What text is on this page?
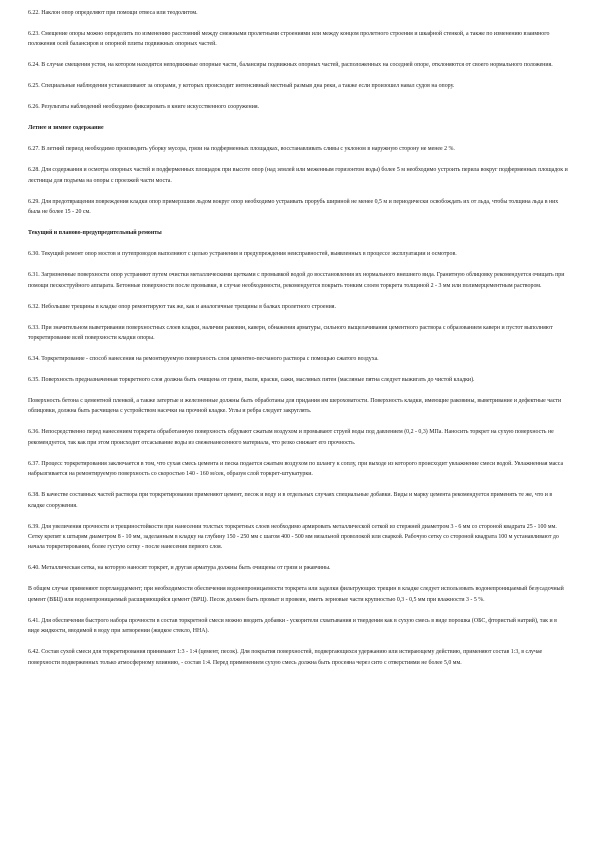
6.22. Наклон опор определяют при помощи отвеса или теодолитом.

6.23. Смещение опоры можно определить по изменению расстояний между смежными пролетными строениями или между концом пролетного строения и шкафной стенкой, а также по изменению взаимного положения осей балансиров и опорной плиты подвижных опорных частей.

6.24. В случае смещения устоя, на котором находятся неподвижные опорные части, балансиры подвижных опорных частей, расположенных на соседней опоре, отклоняются от своего нормального положения.

6.25. Специальные наблюдения устанавливают за опорами, у которых происходит интенсивный местный размыв дна реки, а также если произошел навал судов на опору.

6.26. Результаты наблюдений необходимо фиксировать в книге искусственного сооружения.

Летнее и зимнее содержание

6.27. В летний период необходимо производить уборку мусора, грязи на подферменных площадках, восстанавливать сливы с уклоном в наружную сторону не менее 2 %.

6.28. Для содержания и осмотра опорных частей и подферменных площадок при высоте опор (над землей или меженным горизонтом воды) более 5 м необходимо устроить перила вокруг подферменных площадок и лестницы для подъема на опоры с проезжей части моста.

6.29. Для предотвращения повреждения кладки опор примерзшим льдом вокруг опор необходимо устраивать прорубь шириной не менее 0,5 м и периодически освобождать их от льда, чтобы толщина льда в них была не более 15 - 20 см.

Текущий и планово-предупредительный ремонты

6.30. Текущий ремонт опор мостов и путепроводов выполняют с целью устранения и предупреждения неисправностей, выявленных в процессе эксплуатации и осмотров.

6.31. Загрязненные поверхности опор устраняют путем очистки металлическими щетками с промывкой водой до восстановления их нормального внешнего вида. Гранитную облицовку рекомендуется очищать при помощи пескоструйного аппарата. Бетонные поверхности после промывки, в случае необходимости, рекомендуется покрыть тонким слоем торкрета толщиной 2 - 3 мм или полимерцементным раствором.

6.32. Небольшие трещины в кладке опор ремонтируют так же, как и аналогичные трещины в балках пролетного строения.

6.33. При значительном выветривании поверхностных слоев кладки, наличии раковин, каверн, обнажения арматуры, сильного выщелачивания цементного раствора с образованием каверн и пустот выполняют торкретирование всей поверхности кладки опоры.

6.34. Торкретирование - способ нанесения на ремонтируемую поверхность слоя цементно-песчаного раствора с помощью сжатого воздуха.

6.35. Поверхность предназначенная торкретного слоя должна быть очищена от грязи, пыли, краски, сажи, масляных пятен (масляные пятна следует выжигать до чистой кладки).

Поверхность бетона с цементной пленкой, а также затертые и железненные должны быть обработаны для придания им шероховатости. Поверхность кладки, имеющие раковины, выветривание и дефектные части облицовки, должна быть расчищена с устройством насечки на прочной кладке. Углы и ребра следует закруглять.

6.36. Непосредственно перед нанесением торкрета обработанную поверхность обдувают сжатым воздухом и промывают струей воды под давлением (0,2 - 0,3) МПа. Наносить торкрет на сухую поверхность не рекомендуется, так как при этом происходит отсасывание воды из свеженанесенного материала, что резко снижает его прочность.

6.37. Процесс торкретирования заключается в том, что сухая смесь цемента и песка подается сжатым воздухом по шлангу к соплу, при выходе из которого происходит увлажнение смеси водой. Увлажненная масса набрызгивается на ремонтируемую поверхность со скоростью 140 - 160 м/сек, образуя слой торкрет-штукатурки.

6.38. В качестве составных частей раствора при торкретировании применяют цемент, песок и воду и в отдельных случаях специальные добавки. Виды и марку цемента рекомендуется применять те же, что и в кладке сооружения.

6.39. Для увеличения прочности и трещиностойкости при нанесении толстых торкретных слоев необходимо армировать металлической сеткой из стержней диаметром 3 - 6 мм со стороной квадрата 25 - 100 мм. Сетку крепят к штырям диаметром 8 - 10 мм, заделанным в кладку на глубину 150 - 250 мм с шагом 400 - 500 мм вязальной проволокой или сваркой. Рабочую сетку со стороной квадрата 100 м устанавливают до начала торкретирования, более густую сетку - после нанесения первого слоя.

6.40. Металлическая сетка, на которую наносят торкрет, и другая арматура должны быть очищены от грязи и ржавчины.

В общем случае применяют портландцемент; при необходимости обеспечения водонепроницаемости торкрета или заделки фильтрующих трещин в кладке следует использовать водонепроницаемый безусадочный цемент (ВБЦ) или водонепроницаемый расширяющийся цемент (ВРЦ). Песок должен быть промыт и провеян, иметь зерновые части крупностью 0,3 - 0,5 мм при влажности 3 - 5 %.

6.41. Для обеспечения быстрого набора прочности в состав торкретной смеси можно вводить добавки - ускорители схватывания и твердения как в сухую смесь в виде порошка (ОБС, фтористый натрий), так и в виде жидкости, вводимой в воду при затворении (жидкое стекло, ННА).

6.42. Состав сухой смеси для торкретирования принимают 1:3 - 1:4 (цемент, песок). Для покрытия поверхностей, подвергающихся удержанию или истирающему действию, применяют состав 1:3, в случае поверхности подверженных только атмосферному влиянию, - состав 1:4. Перед применением сухую смесь должна быть просеяна через сито с отверстиями не более 5,0 мм.
